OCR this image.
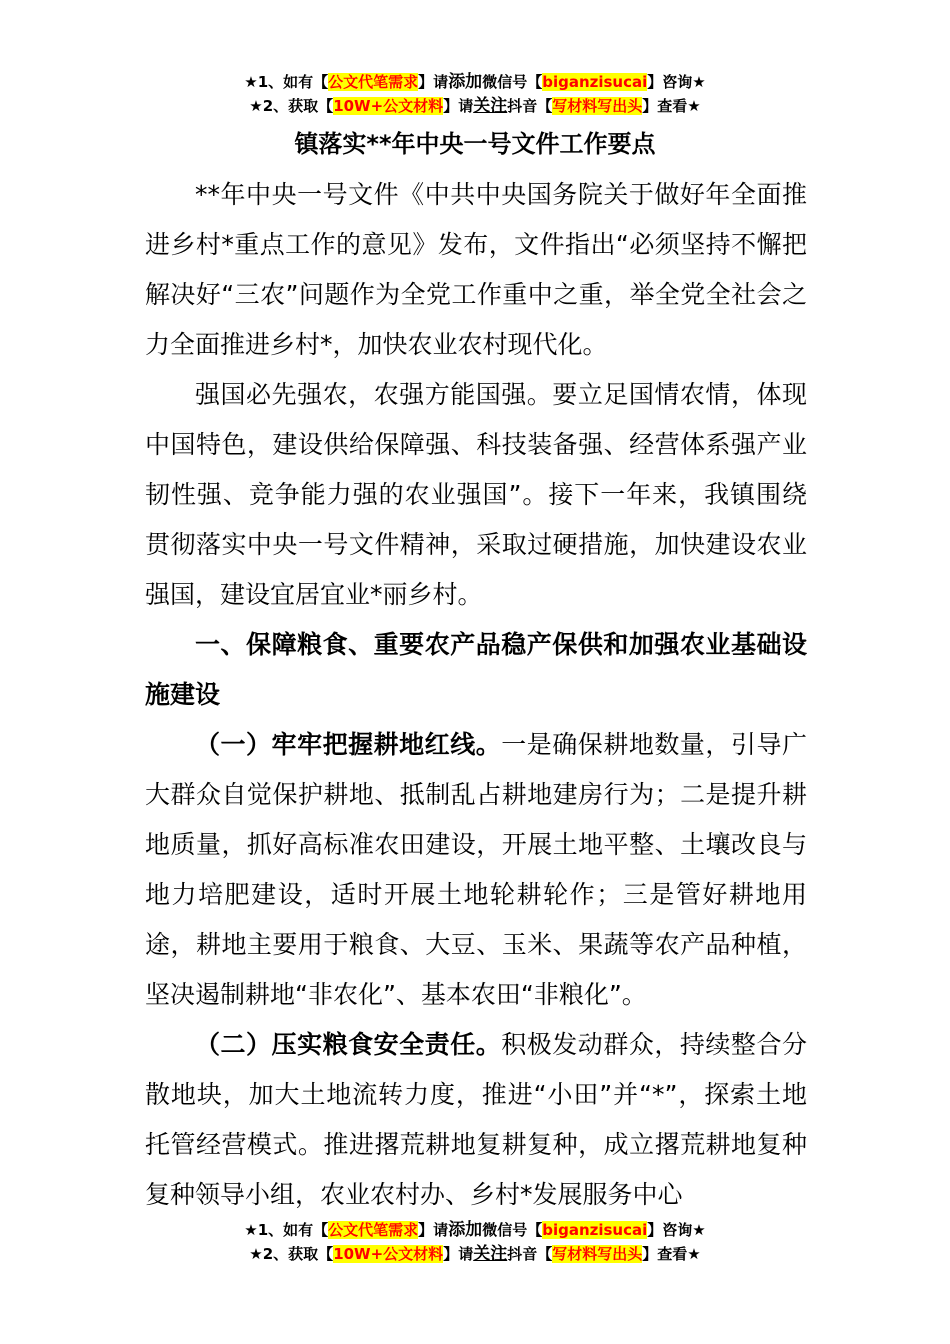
★1、如有【公文代笔需求】请添加微信号【biganzisucai】咨询★
★2、获取【10W+公文材料】请关注抖音【写材料写出头】查看★
镇落实**年中央一号文件工作要点

**年中央一号文件《中共中央国务院关于做好年全面推进乡村*重点工作的意见》发布，文件指出“必须坚持不懈把解决好“三农”问题作为全党工作重中之重，举全党全社会之力全面推进乡村*，加快农业农村现代化。

强国必先强农，农强方能国强。要立足国情农情，体现中国特色，建设供给保障强、科技装备强、经营体系强产业韧性强、竞争能力强的农业强国”。接下一年来，我镇围绕贯彻落实中央一号文件精神，采取过硬措施，加快建设农业强国，建设宜居宜业*丽乡村。

一、保障粮食、重要农产品稳产保供和加强农业基础设施建设

（一）牢牢把握耕地红线。一是确保耕地数量，引导广大群众自觉保护耕地、抵制乱占耕地建房行为；二是提升耕地质量，抓好高标准农田建设，开展土地平整、土壤改良与地力培肥建设，适时开展土地轮耕轮作；三是管好耕地用途，耕地主要用于粮食、大豆、玉米、果蔬等农产品种植，坚决遏制耕地“非农化”、基本农田“非粮化”。

（二）压实粮食安全责任。积极发动群众，持续整合分散地块，加大土地流转力度，推进“小田”并“*”，探索土地托管经营模式。推进撂荒耕地复耕复种，成立撂荒耕地复种复种领导小组，农业农村办、乡村*发展服务中心

★1、如有【公文代笔需求】请添加微信号【biganzisucai】咨询★
★2、获取【10W+公文材料】请关注抖音【写材料写出头】查看★
